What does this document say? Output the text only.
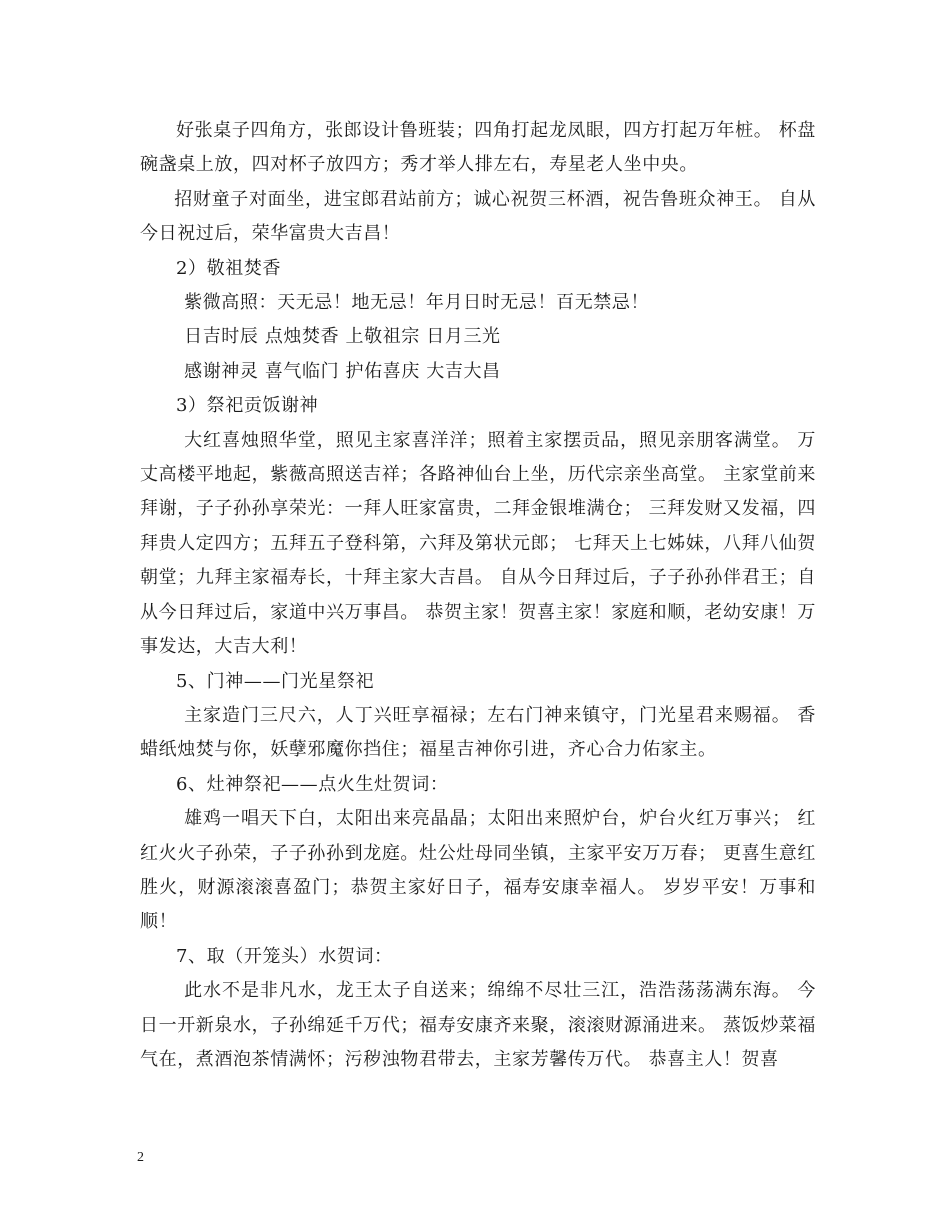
好张桌子四角方，张郎设计鲁班装；四角打起龙凤眼，四方打起万年桩。 杯盘碗盏桌上放，四对杯子放四方；秀才举人排左右，寿星老人坐中央。

招财童子对面坐，进宝郎君站前方；诚心祝贺三杯酒，祝告鲁班众神王。 自从今日祝过后，荣华富贵大吉昌！

2）敬祖焚香

紫微高照：天无忌！地无忌！年月日时无忌！百无禁忌！

日吉时辰 点烛焚香 上敬祖宗 日月三光

感谢神灵 喜气临门 护佑喜庆 大吉大昌

3）祭祀贡饭谢神

大红喜烛照华堂，照见主家喜洋洋；照着主家摆贡品，照见亲朋客满堂。 万丈高楼平地起，紫薇高照送吉祥；各路神仙台上坐，历代宗亲坐高堂。 主家堂前来拜谢，子子孙孙享荣光：一拜人旺家富贵，二拜金银堆满仓； 三拜发财又发福，四拜贵人定四方；五拜五子登科第，六拜及第状元郎； 七拜天上七姊妹，八拜八仙贺朝堂；九拜主家福寿长，十拜主家大吉昌。 自从今日拜过后，子子孙孙伴君王；自从今日拜过后，家道中兴万事昌。 恭贺主家！贺喜主家！家庭和顺，老幼安康！万事发达，大吉大利！

5、门神——门光星祭祀

主家造门三尺六，人丁兴旺享福禄；左右门神来镇守，门光星君来赐福。 香蜡纸烛焚与你，妖孽邪魔你挡住；福星吉神你引进，齐心合力佑家主。

6、灶神祭祀——点火生灶贺词：

雄鸡一唱天下白，太阳出来亮晶晶；太阳出来照炉台，炉台火红万事兴； 红红火火子孙荣，子子孙孙到龙庭。灶公灶母同坐镇，主家平安万万春； 更喜生意红胜火，财源滚滚喜盈门；恭贺主家好日子，福寿安康幸福人。 岁岁平安！万事和顺！

7、取（开笼头）水贺词：

此水不是非凡水，龙王太子自送来；绵绵不尽壮三江，浩浩荡荡满东海。 今日一开新泉水，子孙绵延千万代；福寿安康齐来聚，滚滚财源涌进来。 蒸饭炒菜福气在，煮酒泡茶情满怀；污秽浊物君带去，主家芳馨传万代。 恭喜主人！贺喜

2
